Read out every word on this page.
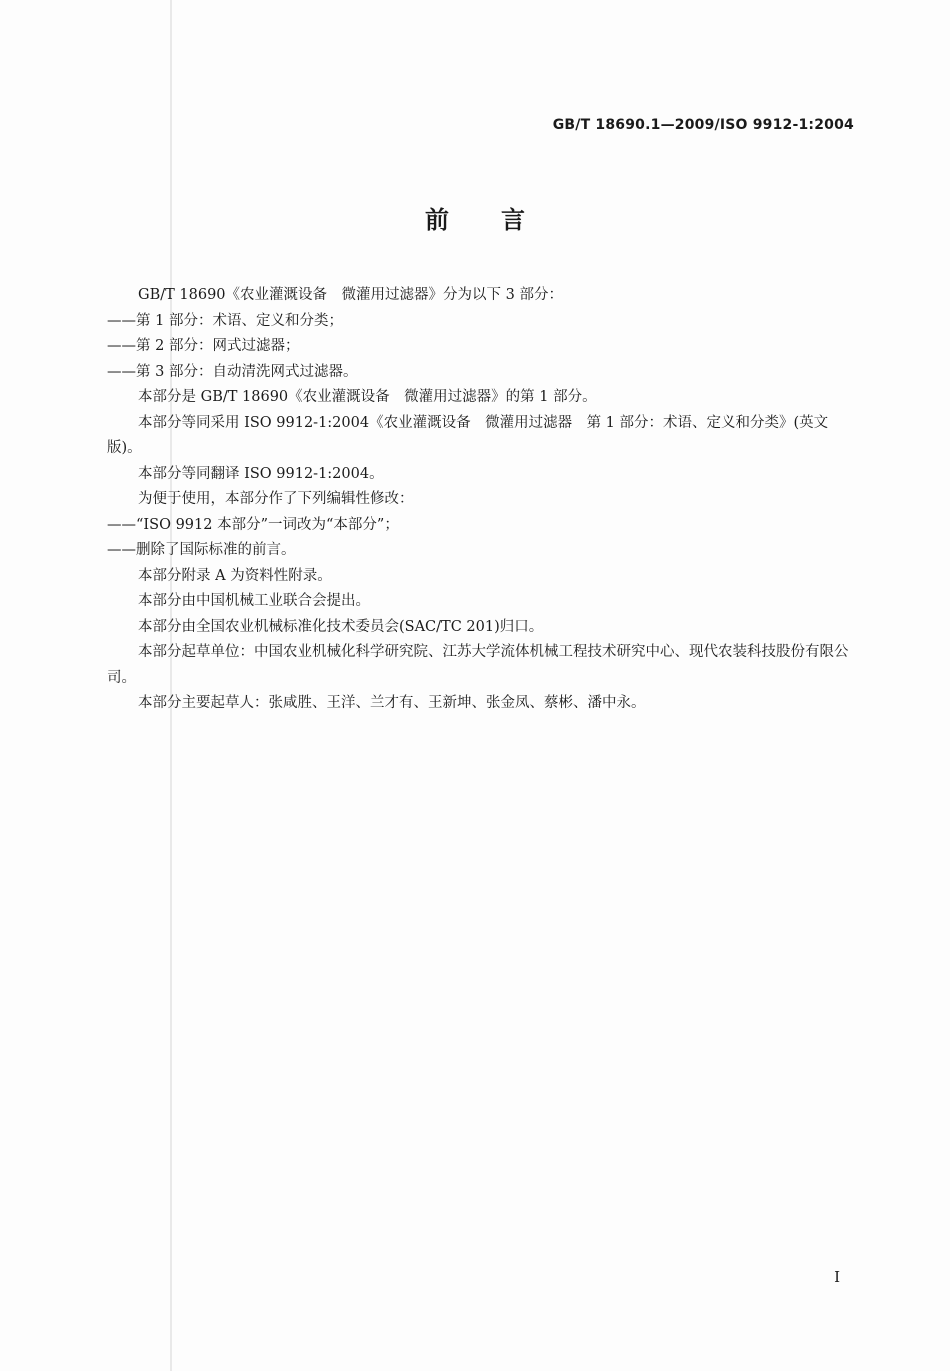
GB/T 18690.1—2009/ISO 9912-1:2004
前言

GB/T 18690《农业灌溉设备　微灌用过滤器》分为以下 3 部分：

——第 1 部分：术语、定义和分类；

——第 2 部分：网式过滤器；

——第 3 部分：自动清洗网式过滤器。

本部分是 GB/T 18690《农业灌溉设备　微灌用过滤器》的第 1 部分。

本部分等同采用 ISO 9912-1:2004《农业灌溉设备　微灌用过滤器　第 1 部分：术语、定义和分类》(英文版)。

本部分等同翻译 ISO 9912-1:2004。

为便于使用，本部分作了下列编辑性修改：

——“ISO 9912 本部分”一词改为“本部分”；

——删除了国际标准的前言。

本部分附录 A 为资料性附录。

本部分由中国机械工业联合会提出。

本部分由全国农业机械标准化技术委员会(SAC/TC 201)归口。

本部分起草单位：中国农业机械化科学研究院、江苏大学流体机械工程技术研究中心、现代农装科技股份有限公司。

本部分主要起草人：张咸胜、王洋、兰才有、王新坤、张金凤、蔡彬、潘中永。

I
